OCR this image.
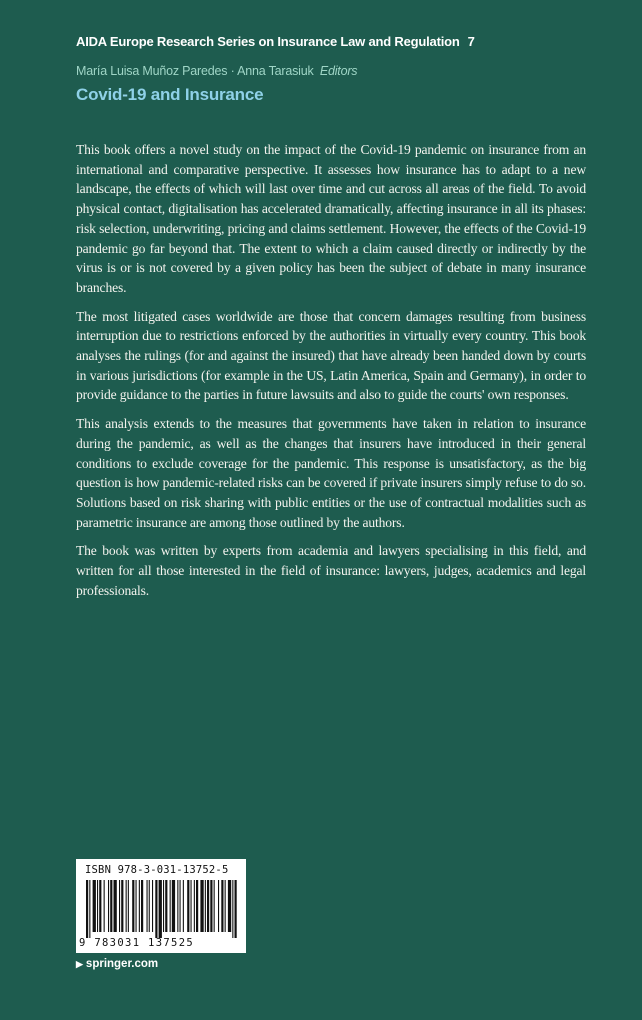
AIDA Europe Research Series on Insurance Law and Regulation 7
María Luisa Muñoz Paredes · Anna Tarasiuk Editors
Covid-19 and Insurance

This book offers a novel study on the impact of the Covid-19 pandemic on insurance from an international and comparative perspective. It assesses how insurance has to adapt to a new landscape, the effects of which will last over time and cut across all areas of the field. To avoid physical contact, digitalisation has accelerated dramatically, affecting insurance in all its phases: risk selection, underwriting, pricing and claims settlement. However, the effects of the Covid-19 pandemic go far beyond that. The extent to which a claim caused directly or indirectly by the virus is or is not covered by a given policy has been the subject of debate in many insurance branches.

The most litigated cases worldwide are those that concern damages resulting from business interruption due to restrictions enforced by the authorities in virtually every country. This book analyses the rulings (for and against the insured) that have already been handed down by courts in various jurisdictions (for example in the US, Latin America, Spain and Germany), in order to provide guidance to the parties in future lawsuits and also to guide the courts' own responses.

This analysis extends to the measures that governments have taken in relation to insurance during the pandemic, as well as the changes that insurers have introduced in their general conditions to exclude coverage for the pandemic. This response is unsatisfactory, as the big question is how pandemic-related risks can be covered if private insurers simply refuse to do so. Solutions based on risk sharing with public entities or the use of contractual modalities such as parametric insurance are among those outlined by the authors.

The book was written by experts from academia and lawyers specialising in this field, and written for all those interested in the field of insurance: lawyers, judges, academics and legal professionals.

ISBN 978-3-031-13752-5
9 783031 137525
▶ springer.com
